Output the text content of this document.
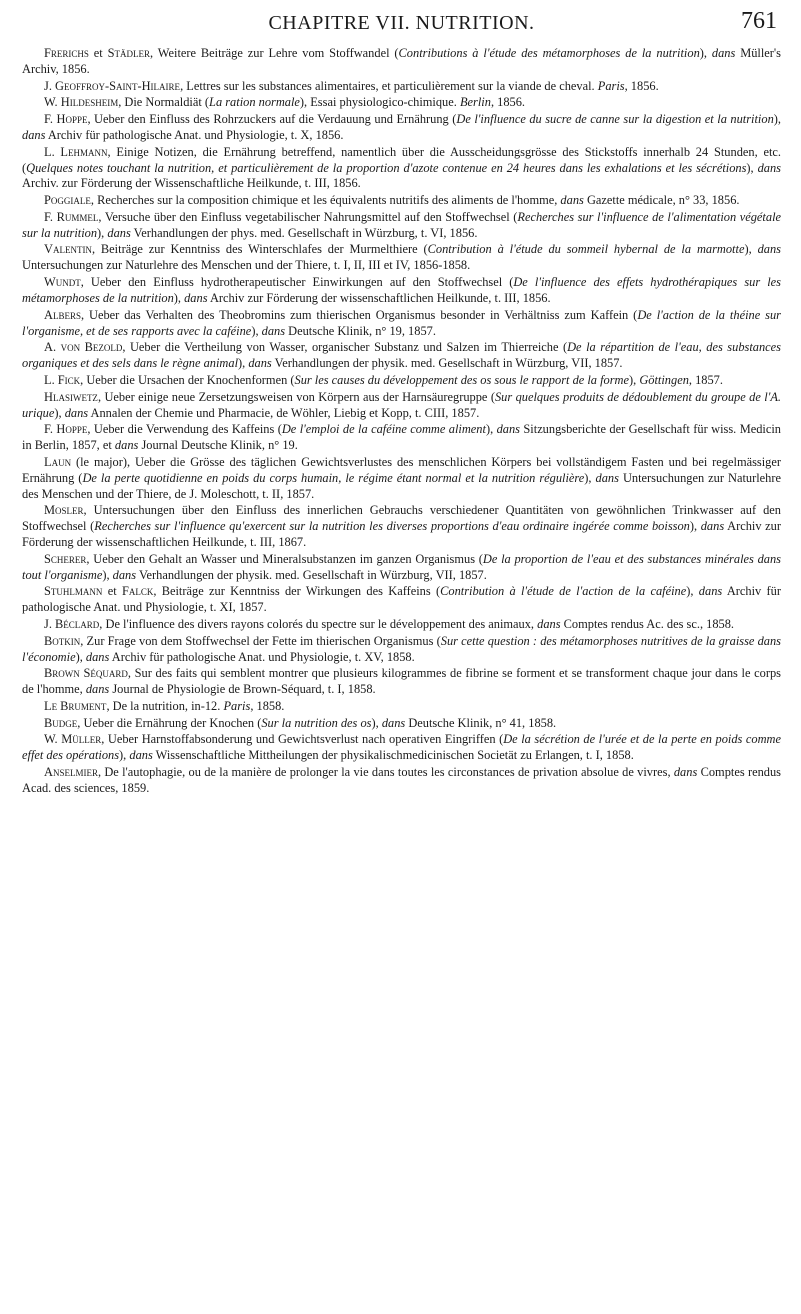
CHAPITRE VII. NUTRITION.	761
Frerichs et Städler, Weitere Beiträge zur Lehre vom Stoffwandel (Contributions à l'étude des métamorphoses de la nutrition), dans Müller's Archiv, 1856.
J. Geoffroy-Saint-Hilaire, Lettres sur les substances alimentaires, et particulièrement sur la viande de cheval. Paris, 1856.
W. Hildesheim, Die Normaldiät (La ration normale), Essai physiologico-chimique. Berlin, 1856.
F. Hoppe, Ueber den Einfluss des Rohrzuckers auf die Verdauung und Ernährung (De l'influence du sucre de canne sur la digestion et la nutrition), dans Archiv für pathologische Anat. und Physiologie, t. X, 1856.
L. Lehmann, Einige Notizen, die Ernährung betreffend, namentlich über die Ausscheidungsgrösse des Stickstoffs innerhalb 24 Stunden, etc. (Quelques notes touchant la nutrition, et particulièrement de la proportion d'azote contenue en 24 heures dans les exhalations et les sécrétions), dans Archiv. zur Förderung der Wissenschaftliche Heilkunde, t. III, 1856.
Poggiale, Recherches sur la composition chimique et les équivalents nutritifs des aliments de l'homme, dans Gazette médicale, n° 33, 1856.
F. Rummel, Versuche über den Einfluss vegetabilischer Nahrungsmittel auf den Stoffwechsel (Recherches sur l'influence de l'alimentation végétale sur la nutrition), dans Verhandlungen der phys. med. Gesellschaft in Würzburg, t. VI, 1856.
Valentin, Beiträge zur Kenntniss des Winterschlafes der Murmelthiere (Contribution à l'étude du sommeil hybernal de la marmotte), dans Untersuchungen zur Naturlehre des Menschen und der Thiere, t. I, II, III et IV, 1856-1858.
Wundt, Ueber den Einfluss hydrotherapeutischer Einwirkungen auf den Stoffwechsel (De l'influence des effets hydrothérapiques sur les métamorphoses de la nutrition), dans Archiv zur Förderung der wissenschaftlichen Heilkunde, t. III, 1856.
Albers, Ueber das Verhalten des Theobromins zum thierischen Organismus besonder in Verhältniss zum Kaffein (De l'action de la théine sur l'organisme, et de ses rapports avec la caféine), dans Deutsche Klinik, n° 19, 1857.
A. von Bezold, Ueber die Vertheilung von Wasser, organischer Substanz und Salzen im Thierreiche (De la répartition de l'eau, des substances organiques et des sels dans le règne animal), dans Verhandlungen der physik. med. Gesellschaft in Würzburg, VII, 1857.
L. Fick, Ueber die Ursachen der Knochenformen (Sur les causes du développement des os sous le rapport de la forme), Göttingen, 1857.
Hlasiwetz, Ueber einige neue Zersetzungsweisen von Körpern aus der Harnsäuregruppe (Sur quelques produits de dédoublement du groupe de l'A. urique), dans Annalen der Chemie und Pharmacie, de Wöhler, Liebig et Kopp, t. CIII, 1857.
F. Hoppe, Ueber die Verwendung des Kaffeins (De l'emploi de la caféine comme aliment), dans Sitzungsberichte der Gesellschaft für wiss. Medicin in Berlin, 1857, et dans Journal Deutsche Klinik, n° 19.
Laun (le major), Ueber die Grösse des täglichen Gewichtsverlustes des menschlichen Körpers bei vollständigem Fasten und bei regelmässiger Ernährung (De la perte quotidienne en poids du corps humain, le régime étant normal et la nutrition régulière), dans Untersuchungen zur Naturlehre des Menschen und der Thiere, de J. Moleschott, t. II, 1857.
Mosler, Untersuchungen über den Einfluss des innerlichen Gebrauchs verschiedener Quantitäten von gewöhnlichen Trinkwasser auf den Stoffwechsel (Recherches sur l'influence qu'exercent sur la nutrition les diverses proportions d'eau ordinaire ingérée comme boisson), dans Archiv zur Förderung der wissenschaftlichen Heilkunde, t. III, 1867.
Scherer, Ueber den Gehalt an Wasser und Mineralsubstanzen im ganzen Organismus (De la proportion de l'eau et des substances minérales dans tout l'organisme), dans Verhandlungen der physik. med. Gesellschaft in Würzburg, VII, 1857.
Stuhlmann et Falck, Beiträge zur Kenntniss der Wirkungen des Kaffeins (Contribution à l'étude de l'action de la caféine), dans Archiv für pathologische Anat. und Physiologie, t. XI, 1857.
J. Béclard, De l'influence des divers rayons colorés du spectre sur le développement des animaux, dans Comptes rendus Ac. des sc., 1858.
Botkin, Zur Frage von dem Stoffwechsel der Fette im thierischen Organismus (Sur cette question : des métamorphoses nutritives de la graisse dans l'économie), dans Archiv für pathologische Anat. und Physiologie, t. XV, 1858.
Brown Séquard, Sur des faits qui semblent montrer que plusieurs kilogrammes de fibrine se forment et se transforment chaque jour dans le corps de l'homme, dans Journal de Physiologie de Brown-Séquard, t. I, 1858.
Le Brument, De la nutrition, in-12. Paris, 1858.
Budge, Ueber die Ernährung der Knochen (Sur la nutrition des os), dans Deutsche Klinik, n° 41, 1858.
W. Müller, Ueber Harnstoffabsonderung und Gewichtsverlust nach operativen Eingriffen (De la sécrétion de l'urée et de la perte en poids comme effet des opérations), dans Wissenschaftliche Mittheilungen der physikalischmedicinischen Societät zu Erlangen, t. I, 1858.
Anselmier, De l'autophagie, ou de la manière de prolonger la vie dans toutes les circonstances de privation absolue de vivres, dans Comptes rendus Acad. des sciences, 1859.
